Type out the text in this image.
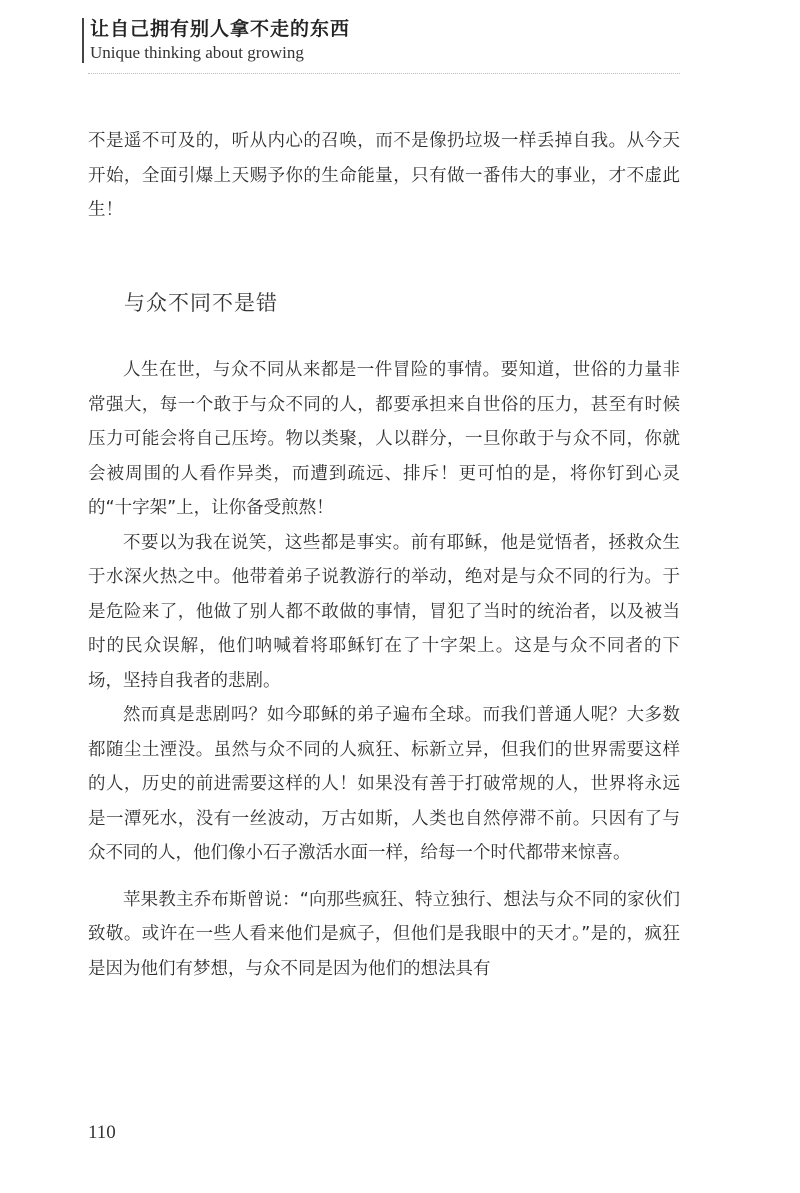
让自己拥有别人拿不走的东西
Unique thinking about growing

不是遥不可及的，听从内心的召唤，而不是像扔垃圾一样丢掉自我。从今天开始，全面引爆上天赐予你的生命能量，只有做一番伟大的事业，才不虚此生！

与众不同不是错

人生在世，与众不同从来都是一件冒险的事情。要知道，世俗的力量非常强大，每一个敢于与众不同的人，都要承担来自世俗的压力，甚至有时候压力可能会将自己压垮。物以类聚，人以群分，一旦你敢于与众不同，你就会被周围的人看作异类，而遭到疏远、排斥！更可怕的是，将你钉到心灵的“十字架”上，让你备受煎熬！

不要以为我在说笑，这些都是事实。前有耶稣，他是觉悟者，拯救众生于水深火热之中。他带着弟子说教游行的举动，绝对是与众不同的行为。于是危险来了，他做了别人都不敢做的事情，冒犯了当时的统治者，以及被当时的民众误解，他们呐喊着将耶稣钉在了十字架上。这是与众不同者的下场，坚持自我者的悲剧。

然而真是悲剧吗？如今耶稣的弟子遍布全球。而我们普通人呢？大多数都随尘土湮没。虽然与众不同的人疯狂、标新立异，但我们的世界需要这样的人，历史的前进需要这样的人！如果没有善于打破常规的人，世界将永远是一潭死水，没有一丝波动，万古如斯，人类也自然停滞不前。只因有了与众不同的人，他们像小石子激活水面一样，给每一个时代都带来惊喜。

苹果教主乔布斯曾说：“向那些疯狂、特立独行、想法与众不同的家伙们致敬。或许在一些人看来他们是疯子，但他们是我眼中的天才。”是的，疯狂是因为他们有梦想，与众不同是因为他们的想法具有

110
